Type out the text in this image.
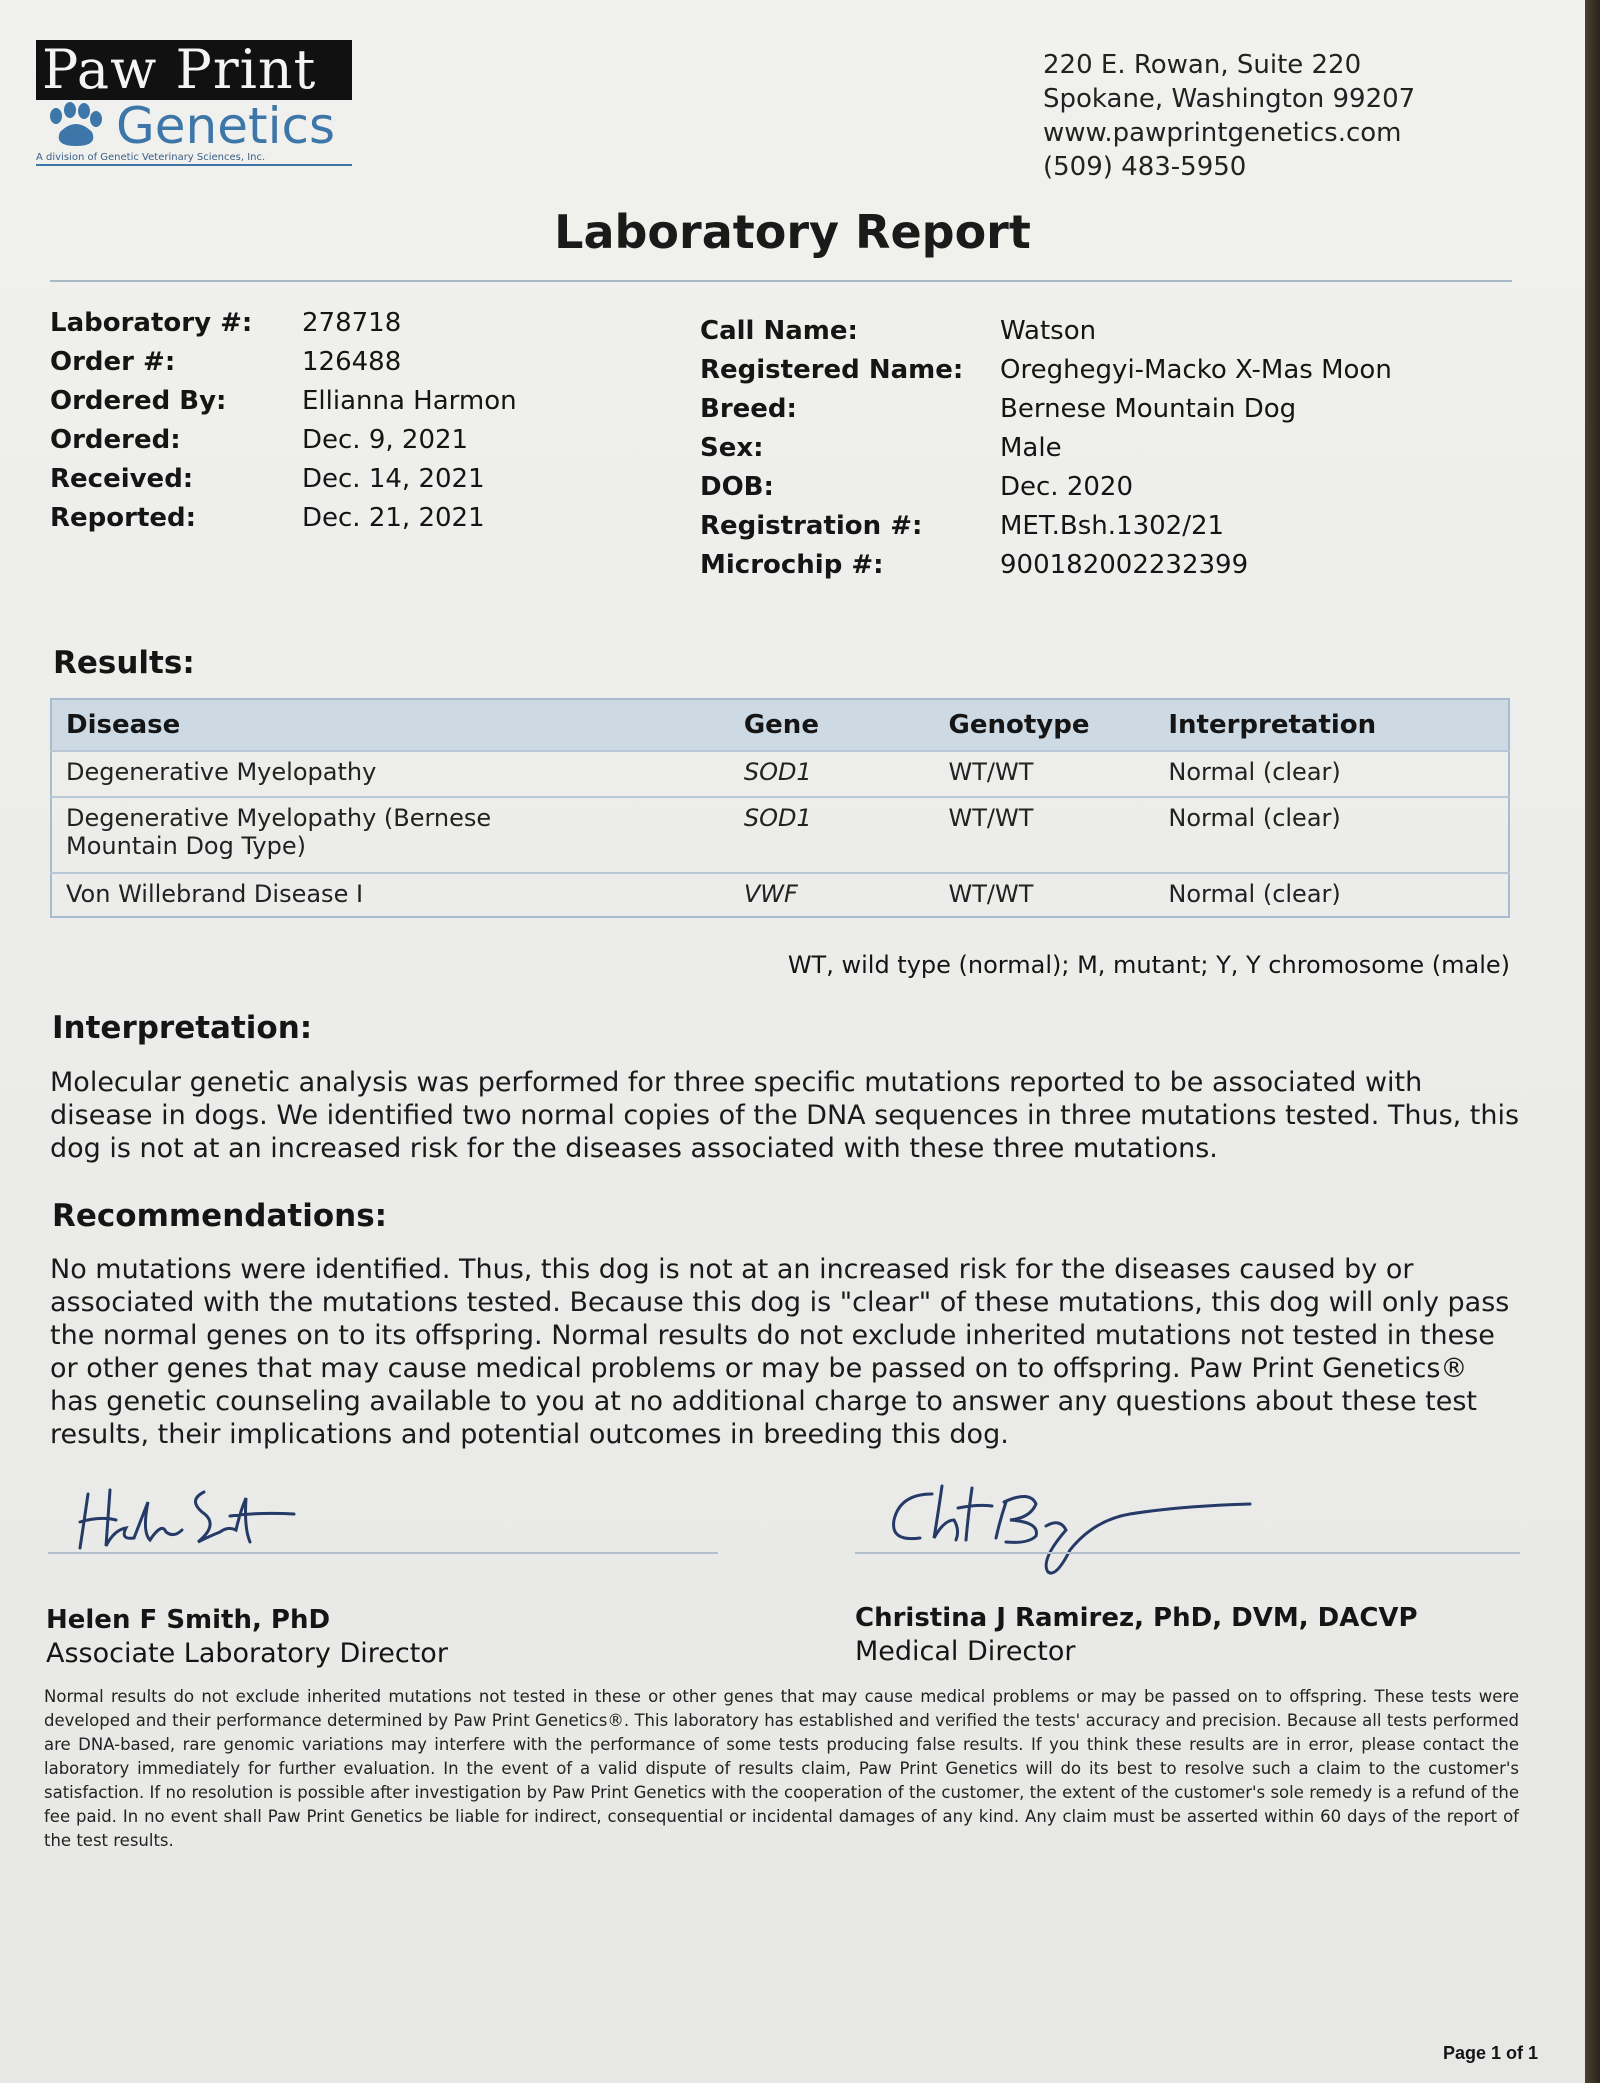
Paw Print
Genetics
A division of Genetic Veterinary Sciences, Inc.
220 E. Rowan, Suite 220
Spokane, Washington 99207
www.pawprintgenetics.com
(509) 483-5950
Laboratory Report
Laboratory #: 278718
Order #:	126488
Ordered By:	Ellianna Harmon
Ordered:	Dec. 9, 2021
Received:	Dec. 14, 2021
Reported:	Dec. 21, 2021
Call Name:	Watson
Registered Name: Oreghegyi-Macko X-Mas Moon
Breed:	Bernese Mountain Dog
Sex:	Male
DOB:	Dec. 2020
Registration #:	MET.Bsh.1302/21
Microchip #:	900182002232399
Results:
Disease	Gene	Genotype	Interpretation
Degenerative Myelopathy	SOD1	WT/WT	Normal (clear)
Degenerative Myelopathy (Bernese Mountain Dog Type)	SOD1	WT/WT	Normal (clear)
Von Willebrand Disease I	VWF	WT/WT	Normal (clear)
WT, wild type (normal); M, mutant; Y, Y chromosome (male)
Interpretation:
Molecular genetic analysis was performed for three specific mutations reported to be associated with disease in dogs. We identified two normal copies of the DNA sequences in three mutations tested. Thus, this dog is not at an increased risk for the diseases associated with these three mutations.
Recommendations:
No mutations were identified. Thus, this dog is not at an increased risk for the diseases caused by or associated with the mutations tested. Because this dog is "clear" of these mutations, this dog will only pass the normal genes on to its offspring. Normal results do not exclude inherited mutations not tested in these or other genes that may cause medical problems or may be passed on to offspring. Paw Print Genetics® has genetic counseling available to you at no additional charge to answer any questions about these test results, their implications and potential outcomes in breeding this dog.
Helen F Smith, PhD
Associate Laboratory Director
Christina J Ramirez, PhD, DVM, DACVP
Medical Director
Normal results do not exclude inherited mutations not tested in these or other genes that may cause medical problems or may be passed on to offspring. These tests were developed and their performance determined by Paw Print Genetics®. This laboratory has established and verified the tests' accuracy and precision. Because all tests performed are DNA-based, rare genomic variations may interfere with the performance of some tests producing false results. If you think these results are in error, please contact the laboratory immediately for further evaluation. In the event of a valid dispute of results claim, Paw Print Genetics will do its best to resolve such a claim to the customer's satisfaction. If no resolution is possible after investigation by Paw Print Genetics with the cooperation of the customer, the extent of the customer's sole remedy is a refund of the fee paid. In no event shall Paw Print Genetics be liable for indirect, consequential or incidental damages of any kind. Any claim must be asserted within 60 days of the report of the test results.
Page 1 of 1
